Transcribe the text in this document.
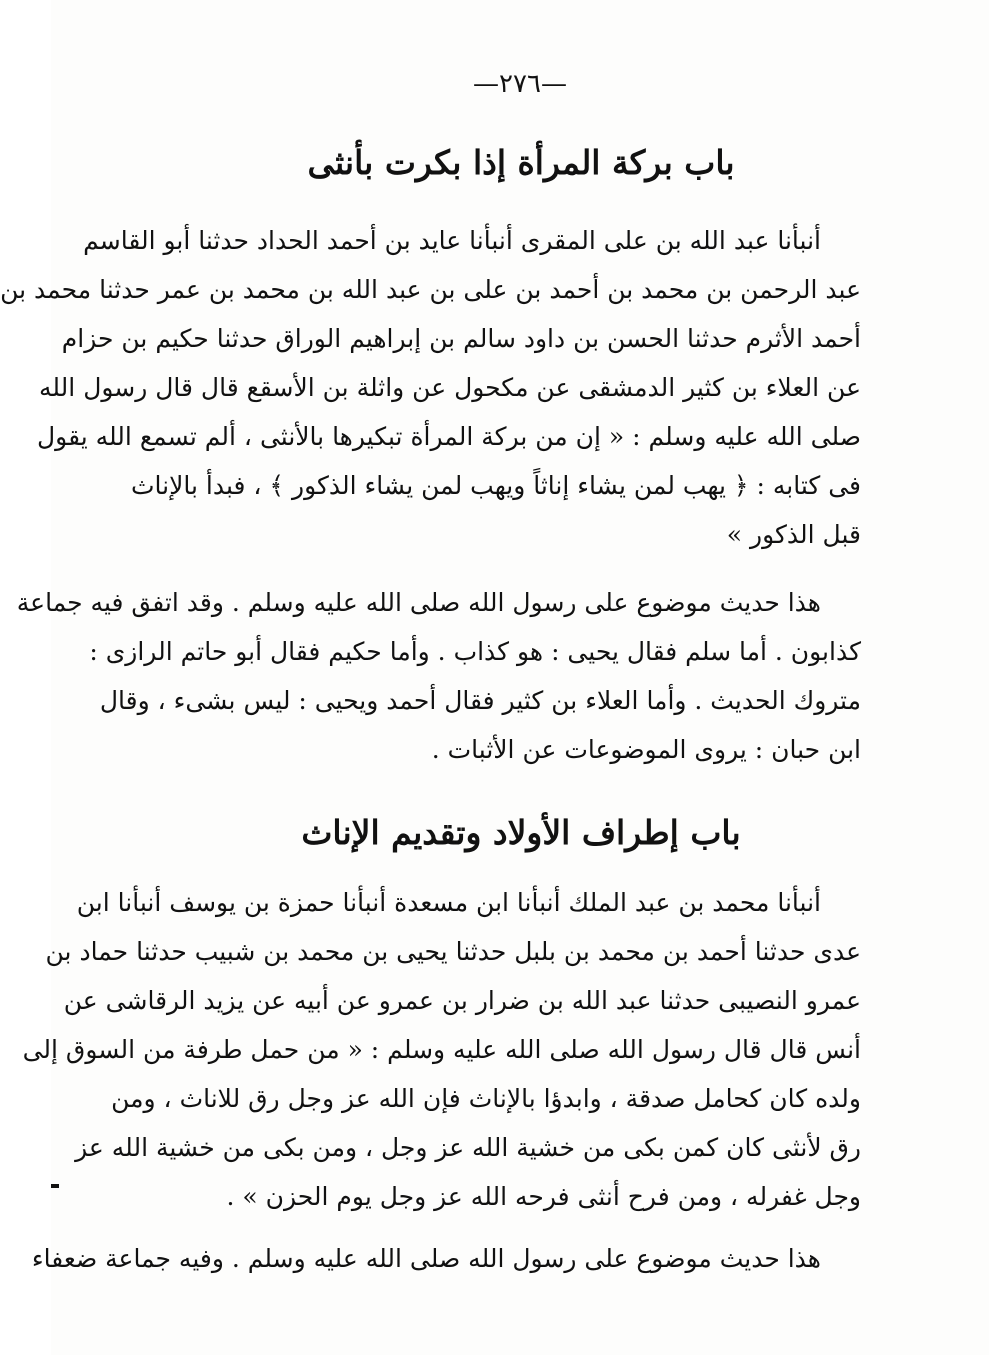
—٢٧٦—
باب بركة المرأة إذا بكرت بأنثى
أنبأنا عبد الله بن على المقرى أنبأنا عايد بن أحمد الحداد حدثنا أبو القاسم
عبد الرحمن بن محمد بن أحمد بن على بن عبد الله بن محمد بن عمر حدثنا محمد بن
أحمد الأثرم حدثنا الحسن بن داود سالم بن إبراهيم الوراق حدثنا حكيم بن حزام
عن العلاء بن كثير الدمشقى عن مكحول عن واثلة بن الأسقع قال قال رسول الله
صلى الله عليه وسلم : « إن من بركة المرأة تبكيرها بالأنثى ، ألم تسمع الله يقول
فى كتابه : ﴿ يهب لمن يشاء إناثاً ويهب لمن يشاء الذكور ﴾ ، فبدأ بالإناث
قبل الذكور »
هذا حديث موضوع على رسول الله صلى الله عليه وسلم . وقد اتفق فيه جماعة
كذابون . أما سلم فقال يحيى : هو كذاب . وأما حكيم فقال أبو حاتم الرازى :
متروك الحديث . وأما العلاء بن كثير فقال أحمد ويحيى : ليس بشىء ، وقال
ابن حبان : يروى الموضوعات عن الأثبات .
باب إطراف الأولاد وتقديم الإناث
أنبأنا محمد بن عبد الملك أنبأنا ابن مسعدة أنبأنا حمزة بن يوسف أنبأنا ابن
عدى حدثنا أحمد بن محمد بن بلبل حدثنا يحيى بن محمد بن شبيب حدثنا حماد بن
عمرو النصيبى حدثنا عبد الله بن ضرار بن عمرو عن أبيه عن يزيد الرقاشى عن
أنس قال قال رسول الله صلى الله عليه وسلم : « من حمل طرفة من السوق إلى
ولده كان كحامل صدقة ، وابدؤا بالإناث فإن الله عز وجل رق للاناث ، ومن
رق لأنثى كان كمن بكى من خشية الله عز وجل ، ومن بكى من خشية الله عز
وجل غفرله ، ومن فرح أنثى فرحه الله عز وجل يوم الحزن » .
هذا حديث موضوع على رسول الله صلى الله عليه وسلم . وفيه جماعة ضعفاء
